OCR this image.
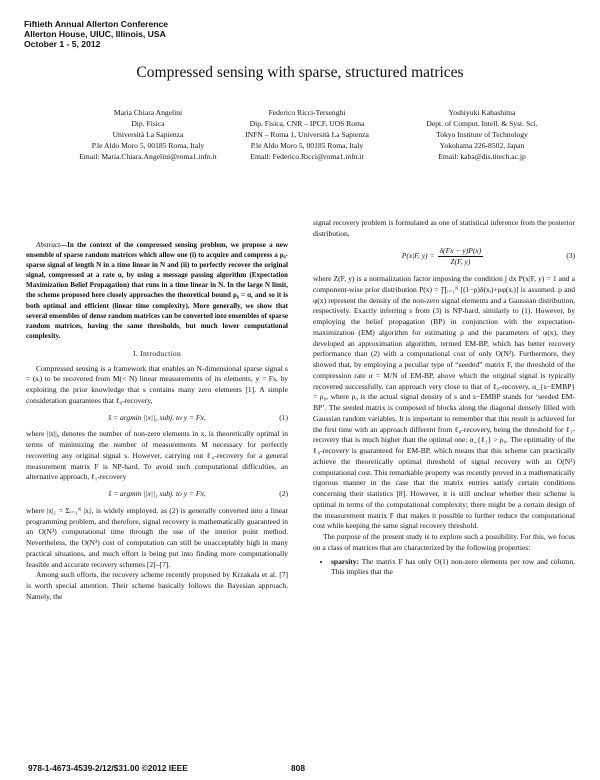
Fiftieth Annual Allerton Conference
Allerton House, UIUC, Illinois, USA
October 1 - 5, 2012
Compressed sensing with sparse, structured matrices
Maria Chiara Angelini
Dip. Fisica
Università La Sapienza
P.le Aldo Moro 5, 00185 Roma, Italy
Email: Maria.Chiara.Angelini@roma1.infn.it
Federico Ricci-Tersenghi
Dip. Fisica, CNR – IPCF, UOS Roma
INFN – Roma 1, Università La Sapienza
P.le Aldo Moro 5, 00185 Roma, Italy
Email: Federico.Ricci@roma1.infn.it
Yoshiyuki Kabashima
Dept. of Comput. Intell. & Syst. Sci.
Tokyo Institute of Technology
Yokohama 226-8502, Japan
Email: kaba@dis.titech.ac.jp

Abstract—In the context of the compressed sensing problem, we propose a new ensemble of sparse random matrices which allow one (i) to acquire and compress a ρ₀-sparse signal of length N in a time linear in N and (ii) to perfectly recover the original signal, compressed at a rate α, by using a message passing algorithm (Expectation Maximization Belief Propagation) that runs in a time linear in N. In the large N limit, the scheme proposed here closely approaches the theoretical bound ρ₀ = α, and so it is both optimal and efficient (linear time complexity). More generally, we show that several ensembles of dense random matrices can be converted into ensembles of sparse random matrices, having the same thresholds, but much lower computational complexity.

I. Introduction

Compressed sensing is a framework that enables an N-dimensional sparse signal s = (sᵢ) to be recovered from M(< N) linear measurements of its elements, y = Fs, by exploiting the prior knowledge that s contains many zero elements [1]. A simple consideration guarantees that ℓ₀-recovery,

ŝ = argmin ||x||₀ subj. to y = Fx,	(1)

where ||x||₀ denotes the number of non-zero elements in x, is theoretically optimal in terms of minimizing the number of measurements M necessary for perfectly recovering any original signal s. However, carrying out ℓ₀-recovery for a general measurement matrix F is NP-hard. To avoid such computational difficulties, an alternative approach, ℓ₁-recovery

ŝ = argmin ||x||₁ subj. to y = Fx,	(2)

where |x|₁ = Σᵢ₌₁ᴺ |xᵢ|, is widely employed, as (2) is generally converted into a linear programming problem, and therefore, signal recovery is mathematically guaranteed in an O(N³) computational time through the use of the interior point method. Nevertheless, the O(N³) cost of computation can still be unacceptably high in many practical situations, and much effort is being put into finding more computationally feasible and accurate recovery schemes [2]–[7].

Among such efforts, the recovery scheme recently proposed by Krzakala et al. [7] is worth special attention. Their scheme basically follows the Bayesian approach. Namely, the

signal recovery problem is formulated as one of statistical inference from the posterior distribution,

P(x|F, $y) = \frac{\delta(Fx - y)P(x)}{Z(F, y)}$	(3)

where Z(F, y) is a normalization factor imposing the condition ∫ dx P(x|F, y) = 1 and a component-wise prior distribution P(x) = ∏ᵢ₌₁ᴺ [(1−ρ)δ(xᵢ)+ρφ(xᵢ)] is assumed. ρ and φ(x) represent the density of the non-zero signal elements and a Gaussian distribution, respectively. Exactly inferring s from (3) is NP-hard, similarly to (1). However, by employing the belief propagation (BP) in conjunction with the expectation-maximization (EM) algorithm for estimating ρ and the parameters of φ(x), they developed an approximation algorithm, termed EM-BP, which has better recovery performance than (2) with a computational cost of only O(N²). Furthermore, they showed that, by employing a peculiar type of “seeded” matrix F, the threshold of the compression rate α = M/N of EM-BP, above which the original signal is typically recovered successfully, can approach very close to that of ℓ₀-recovery, α_{s−EMBP} = ρ₀, where ρ₀ is the actual signal density of s and s−EMBP stands for ‘seeded EM-BP’. The seeded matrix is composed of blocks along the diagonal densely filled with Gaussian random variables. It is important to remember that this result is achieved for the first time with an approach different from ℓ₀-recovery, being the threshold for ℓ₁-recovery that is much higher than the optimal one: α_{ℓ₁} > ρ₀. The optimality of the ℓ₀-recovery is guaranteed for EM-BP, which means that this scheme can practically achieve the theoretically optimal threshold of signal recovery with an O(N²) computational cost. This remarkable property was recently proved in a mathematically rigorous manner in the case that the matrix entries satisfy certain conditions concerning their statistics [8]. However, it is still unclear whether their scheme is optimal in terms of the computational complexity; there might be a certain design of the measurement matrix F that makes it possible to further reduce the computational cost while keeping the same signal recovery threshold.

The purpose of the present study is to explore such a possibility. For this, we focus on a class of matrices that are characterized by the following properties:

• sparsity: The matrix F has only O(1) non-zero elements per row and column. This implies that the
978-1-4673-4539-2/12/$31.00 ©2012 IEEE	808
